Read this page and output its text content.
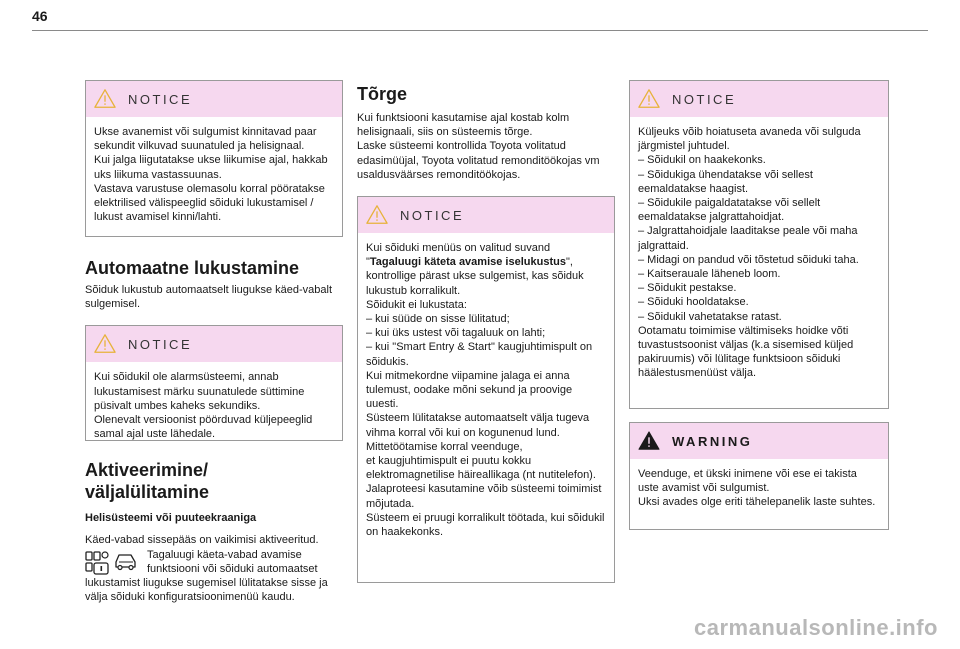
46
NOTICE

Ukse avanemist või sulgumist kinnitavad paar sekundit vilkuvad suunatuled ja helisignaal.
Kui jalga liigutatakse ukse liikumise ajal, hakkab uks liikuma vastassuunas.
Vastava varustuse olemasolu korral pööratakse elektrilised välispeeglid sõiduki lukustamisel / lukust avamisel kinni/lahti.

Automaatne lukustamine

Sõiduk lukustub automaatselt liugukse käed-vabalt sulgemisel.

NOTICE

Kui sõidukil ole alarmsüsteemi, annab lukustamisest märku suunatulede süttimine püsivalt umbes kaheks sekundiks.
Olenevalt versioonist pöörduvad küljepeeglid samal ajal uste lähedale.

Aktiveerimine/
väljalülitamine

Helisüsteemi või puuteekraaniga

Käed-vabad sissepääs on vaikimisi aktiveeritud.

Tagaluugi käeta-vabad avamise funktsiooni või sõiduki automaatset

lukustamist liugukse sugemisel lülitatakse sisse ja välja sõiduki konfiguratsioonimenüü kaudu.

Tõrge

Kui funktsiooni kasutamise ajal kostab kolm helisignaali, siis on süsteemis tõrge.
Laske süsteemi kontrollida Toyota volitatud edasimüüjal, Toyota volitatud remonditöökojas vm usaldusväärses remonditöökojas.

NOTICE

Kui sõiduki menüüs on valitud suvand "Tagaluugi käteta avamise iselukustus", kontrollige pärast ukse sulgemist, kas sõiduk lukustub korralikult.
Sõidukit ei lukustata:
– kui süüde on sisse lülitatud;
– kui üks ustest või tagaluuk on lahti;
– kui "Smart Entry & Start" kaugjuhtimispult on sõidukis.
Kui mitmekordne viipamine jalaga ei anna tulemust, oodake mõni sekund ja proovige uuesti.
Süsteem lülitatakse automaatselt välja tugeva vihma korral või kui on kogunenud lund.
Mittetöötamise korral veenduge,
et kaugjuhtimispult ei puutu kokku elektromagnetilise häireallikaga (nt nutitelefon).
Jalaproteesi kasutamine võib süsteemi toimimist mõjutada.
Süsteem ei pruugi korralikult töötada, kui sõidukil on haakekonks.

NOTICE

Küljeuks võib hoiatuseta avaneda või sulguda järgmistel juhtudel.
– Sõidukil on haakekonks.
– Sõidukiga ühendatakse või sellest eemaldatakse haagist.
– Sõidukile paigaldatatakse või sellelt eemaldatakse jalgrattahoidjat.
– Jalgrattahoidjale laaditakse peale või maha jalgrattaid.
– Midagi on pandud või tõstetud sõiduki taha.
– Kaitserauale läheneb loom.
– Sõidukit pestakse.
– Sõiduki hooldatakse.
– Sõidukil vahetatakse ratast.
Ootamatu toimimise vältimiseks hoidke võti tuvastustsoonist väljas (k.a sisemised küljed pakiruumis) või lülitage funktsioon sõiduki häälestusmenüüst välja.

WARNING

Veenduge, et ükski inimene või ese ei takista uste avamist või sulgumist.
Uksi avades olge eriti tähelepanelik laste suhtes.

carmanualsonline.info
